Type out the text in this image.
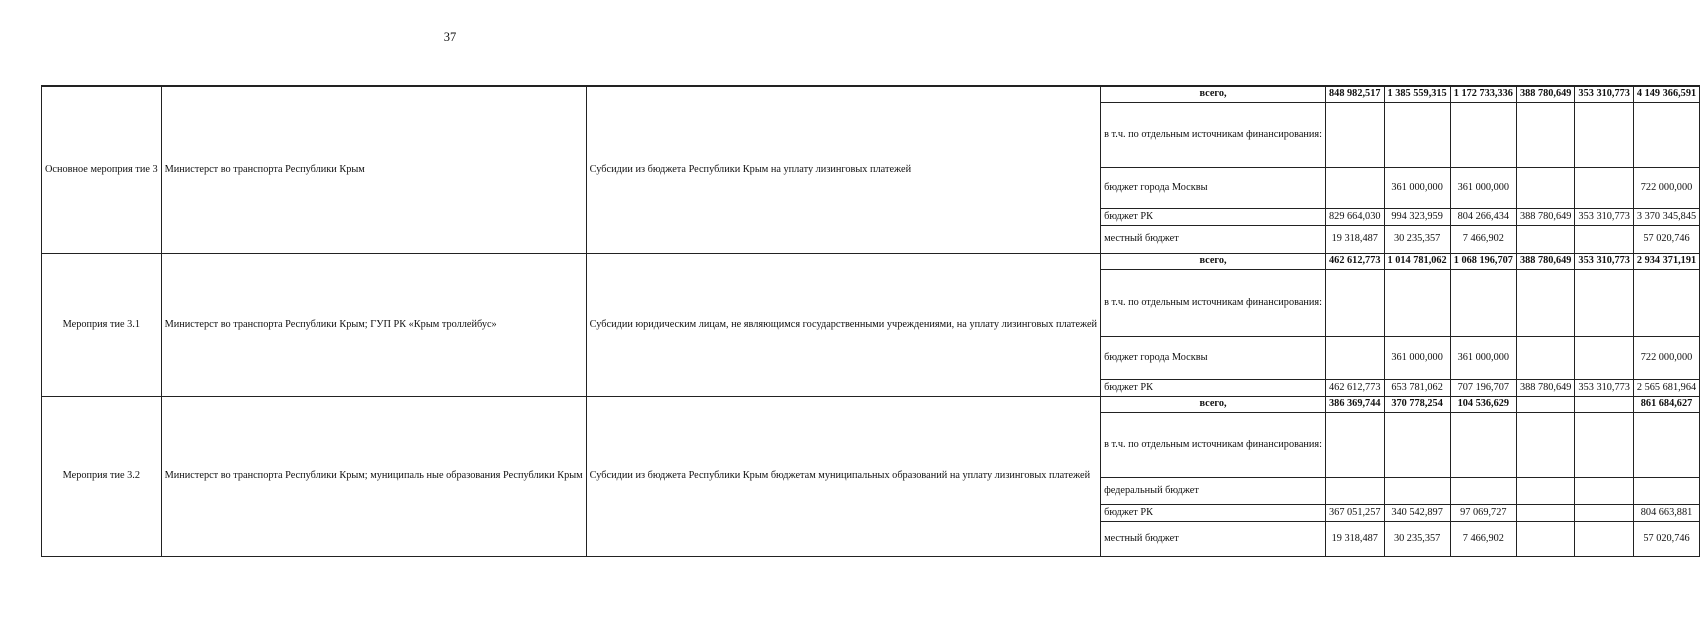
37
Основное мероприя тие 3	Министерст во транспорта Республики Крым	Субсидии из бюджета Республики Крым на уплату лизинговых платежей	всего,	848 982,517	1 385 559,315	1 172 733,336	388 780,649	353 310,773	4 149 366,591
			в т.ч. по отдельным источникам финансирования:						
			бюджет города Москвы		361 000,000	361 000,000			722 000,000
			бюджет РК	829 664,030	994 323,959	804 266,434	388 780,649	353 310,773	3 370 345,845
			местный бюджет	19 318,487	30 235,357	7 466,902			57 020,746
Мероприя тие 3.1	Министерст во транспорта Республики Крым; ГУП РК «Крым троллейбус»	Субсидии юридическим лицам, не являющимся государственными учреждениями, на уплату лизинговых платежей	всего,	462 612,773	1 014 781,062	1 068 196,707	388 780,649	353 310,773	2 934 371,191
			в т.ч. по отдельным источникам финансирования:						
			бюджет города Москвы		361 000,000	361 000,000			722 000,000
			бюджет РК	462 612,773	653 781,062	707 196,707	388 780,649	353 310,773	2 565 681,964
Мероприя тие 3.2	Министерст во транспорта Республики Крым; муниципаль ные образования Республики Крым	Субсидии из бюджета Республики Крым бюджетам муниципальных образований на уплату лизинговых платежей	всего,	386 369,744	370 778,254	104 536,629			861 684,627
			в т.ч. по отдельным источникам финансирования:						
			федеральный бюджет						
			бюджет РК	367 051,257	340 542,897	97 069,727			804 663,881
			местный бюджет	19 318,487	30 235,357	7 466,902			57 020,746
